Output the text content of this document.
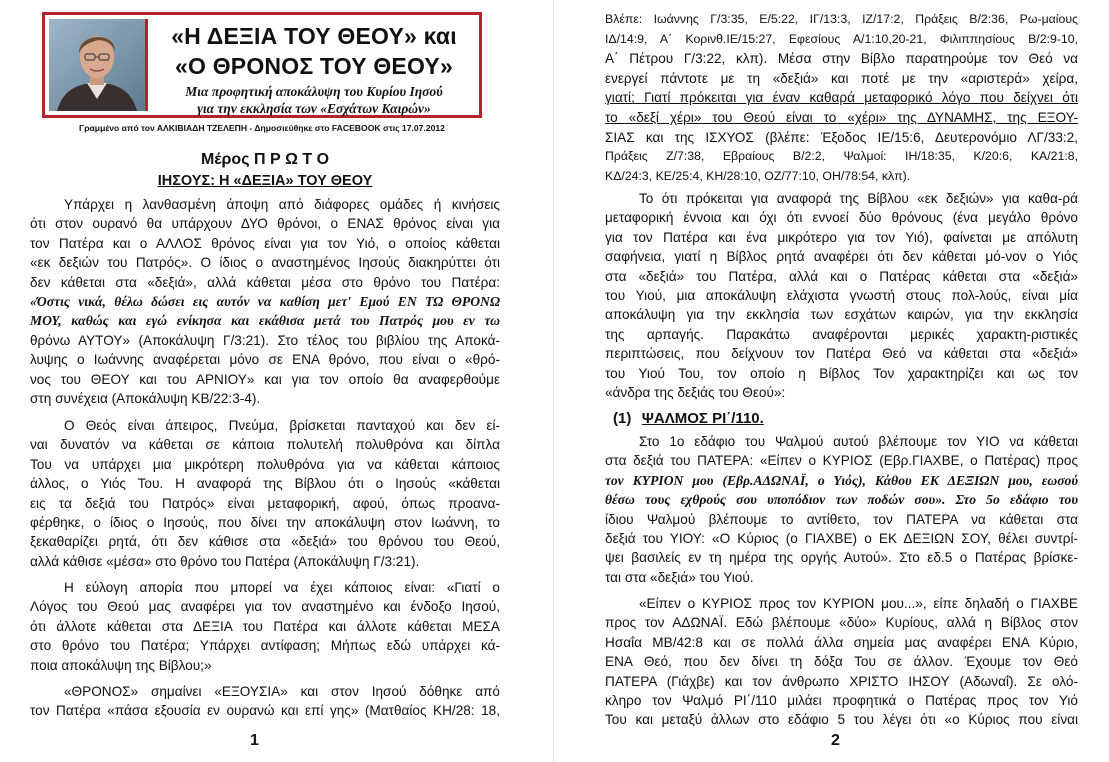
«Η ΔΕΞΙΑ ΤΟΥ ΘΕΟΥ» και
«Ο ΘΡΟΝΟΣ ΤΟΥ ΘΕΟΥ»
Μια προφητική αποκάλυψη του Κυρίου Ιησού
για την εκκλησία των «Εσχάτων Καιρών»
Γραμμένο από τον ΑΛΚΙΒΙΑΔΗ ΤΖΕΛΕΠΗ - Δημοσιεύθηκε στο FACEBOOK στις 17.07.2012
Μέρος Π Ρ Ω Τ Ο
ΙΗΣΟΥΣ: Η «ΔΕΞΙΑ» ΤΟΥ ΘΕΟΥ
Υπάρχει η λανθασμένη άποψη από διάφορες ομάδες ή κινήσεις
ότι στον ουρανό θα υπάρχουν ΔΥΟ θρόνοι, ο ΕΝΑΣ θρόνος είναι για
τον Πατέρα και ο ΑΛΛΟΣ θρόνος είναι για τον Υιό, ο οποίος κάθεται
«εκ δεξιών του Πατρός». Ο ίδιος ο αναστημένος Ιησούς διακηρύττει ότι
δεν κάθεται στα «δεξιά», αλλά κάθεται μέσα στο θρόνο του Πατέρα:
«Όστις νικά, θέλω δώσει εις αυτόν να καθίση μετ' Εμού ΕΝ ΤΩ ΘΡΟΝΩ
ΜΟΥ, καθώς και εγώ ενίκησα και εκάθισα μετά του Πατρός μου εν τω
θρόνω ΑΥΤΟΥ» (Αποκάλυψη Γ/3:21). Στο τέλος του βιβλίου της Αποκά-
λυψης ο Ιωάννης αναφέρεται μόνο σε ΕΝΑ θρόνο, που είναι ο «θρό-
νος του ΘΕΟΥ και του ΑΡΝΙΟΥ» και για τον οποίο θα αναφερθούμε
στη συνέχεια (Αποκάλυψη ΚΒ/22:3-4).
Ο Θεός είναι άπειρος, Πνεύμα, βρίσκεται πανταχού και δεν εί-
ναι δυνατόν να κάθεται σε κάποια πολυτελή πολυθρόνα και δίπλα
Του να υπάρχει μια μικρότερη πολυθρόνα για να κάθεται κάποιος
άλλος, ο Υιός Του. Η αναφορά της Βίβλου ότι ο Ιησούς «κάθεται
εις τα δεξιά του Πατρός» είναι μεταφορική, αφού, όπως προανα-
φέρθηκε, ο ίδιος ο Ιησούς, που δίνει την αποκάλυψη στον Ιωάννη, το
ξεκαθαρίζει ρητά, ότι δεν κάθισε στα «δεξιά» του θρόνου του Θεού,
αλλά κάθισε «μέσα» στο θρόνο του Πατέρα (Αποκάλυψη Γ/3:21).
Η εύλογη απορία που μπορεί να έχει κάποιος είναι: «Γιατί ο
Λόγος του Θεού μας αναφέρει για τον αναστημένο και ένδοξο Ιησού,
ότι άλλοτε κάθεται στα ΔΕΞΙΑ του Πατέρα και άλλοτε κάθεται ΜΕΣΑ
στο θρόνο του Πατέρα; Υπάρχει αντίφαση; Μήπως εδώ υπάρχει κά-
ποια αποκάλυψη της Βίβλου;»
«ΘΡΟΝΟΣ» σημαίνει «ΕΞΟΥΣΙΑ» και στον Ιησού δόθηκε από
τον Πατέρα «πάσα εξουσία εν ουρανώ και επί γης» (Ματθαίος ΚΗ/28: 18,
1
Βλέπε: Ιωάννης Γ/3:35, Ε/5:22, ΙΓ/13:3, ΙΖ/17:2, Πράξεις Β/2:36, Ρω-μαίους
ΙΔ/14:9, Α΄ Κορινθ.ΙΕ/15:27, Εφεσίους Α/1:10,20-21, Φιλιππησίους Β/2:9-10,
Α΄ Πέτρου Γ/3:22, κλπ). Μέσα στην Βίβλο παρατηρούμε τον Θεό να
ενεργεί πάντοτε με τη «δεξιά» και ποτέ με την «αριστερά» χείρα,
γιατί; Γιατί πρόκειται για έναν καθαρά μεταφορικό λόγο που δείχνει ότι
το «δεξί χέρι» του Θεού είναι το «χέρι» της ΔΥΝΑΜΗΣ, της ΕΞΟΥ-
ΣΙΑΣ και της ΙΣΧΥΟΣ (βλέπε: Έξοδος ΙΕ/15:6, Δευτερονόμιο ΛΓ/33:2,
Πράξεις Ζ/7:38, Εβραίους Β/2:2, Ψαλμοί: ΙΗ/18:35, Κ/20:6, ΚΑ/21:8,
ΚΔ/24:3, ΚΕ/25:4, ΚΗ/28:10, ΟΖ/77:10, ΟΗ/78:54, κλπ).
Το ότι πρόκειται για αναφορά της Βίβλου «εκ δεξιών» για καθα-ρά
μεταφορική έννοια και όχι ότι εννοεί δύο θρόνους (ένα μεγάλο θρόνο
για τον Πατέρα και ένα μικρότερο για τον Υιό), φαίνεται με απόλυτη
σαφήνεια, γιατί η Βίβλος ρητά αναφέρει ότι δεν κάθεται μό-νον ο Υιός
στα «δεξιά» του Πατέρα, αλλά και ο Πατέρας κάθεται στα «δεξιά»
του Υιού, μια αποκάλυψη ελάχιστα γνωστή στους πολ-λούς, είναι μία
αποκάλυψη για την εκκλησία των εσχάτων καιρών, για την εκκλησία
της αρπαγής. Παρακάτω αναφέρονται μερικές χαρακτη-ριστικές
περιπτώσεις, που δείχνουν τον Πατέρα Θεό να κάθεται στα «δεξιά»
του Υιού Του, τον οποίο η Βίβλος Τον χαρακτηρίζει και ως τον
«άνδρα της δεξιάς του Θεού»:
(1) ΨΑΛΜΟΣ ΡΙ΄/110.
Στο 1ο εδάφιο του Ψαλμού αυτού βλέπουμε τον ΥΙΟ να κάθεται
στα δεξιά του ΠΑΤΕΡΑ: «Είπεν ο ΚΥΡΙΟΣ (Εβρ.ΓΙΑΧΒΕ, ο Πατέρας) προς
τον ΚΥΡΙΟΝ μου (Εβρ.ΑΔΩΝΑΪ, ο Υιός), Κάθου ΕΚ ΔΕΞΙΩΝ μου, εωσού
θέσω τους εχθρούς σου υποπόδιον των ποδών σου». Στο 5ο εδάφιο του
ίδιου Ψαλμού βλέπουμε το αντίθετο, τον ΠΑΤΕΡΑ να κάθεται στα
δεξιά του ΥΙΟΥ: «Ο Κύριος (ο ΓΙΑΧΒΕ) ο ΕΚ ΔΕΞΙΩΝ ΣΟΥ, θέλει συντρί-
ψει βασιλείς εν τη ημέρα της οργής Αυτού». Στο εδ.5 ο Πατέρας βρίσκε-
ται στα «δεξιά» του Υιού.
«Είπεν ο ΚΥΡΙΟΣ προς τον ΚΥΡΙΟΝ μου...», είπε δηλαδή ο ΓΙΑΧΒΕ
προς τον ΑΔΩΝΑΪ. Εδώ βλέπουμε «δύο» Κυρίους, αλλά η Βίβλος στον
Ησαΐα ΜΒ/42:8 και σε πολλά άλλα σημεία μας αναφέρει ΕΝΑ Κύριο,
ΕΝΑ Θεό, που δεν δίνει τη δόξα Του σε άλλον. Έχουμε τον Θεό
ΠΑΤΕΡΑ (Γιάχβε) και τον άνθρωπο ΧΡΙΣΤΟ ΙΗΣΟΥ (Αδωναΐ). Σε ολό-
κληρο τον Ψαλμό ΡΙ΄/110 μιλάει προφητικά ο Πατέρας προς τον Υιό
Του και μεταξύ άλλων στο εδάφιο 5 του λέγει ότι «ο Κύριος που είναι
2
